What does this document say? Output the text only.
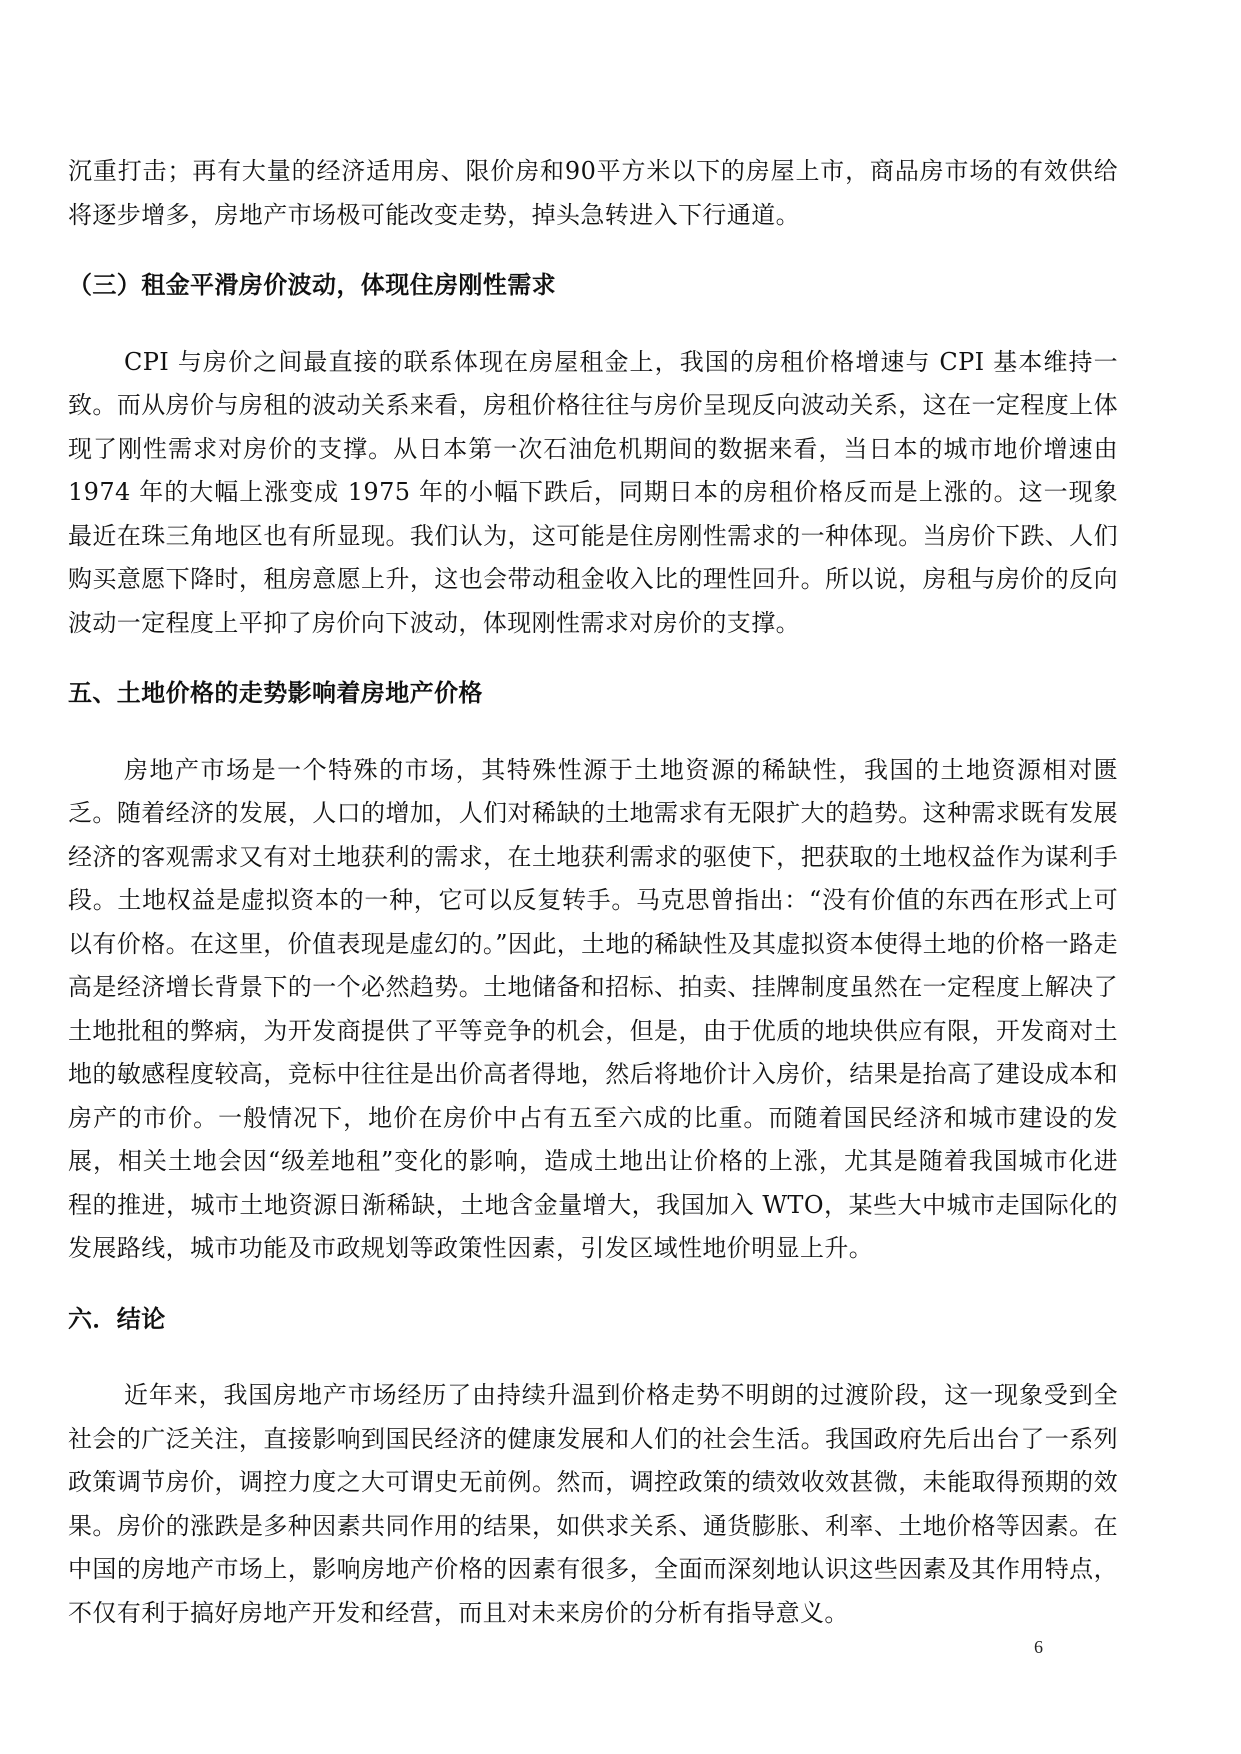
沉重打击；再有大量的经济适用房、限价房和90平方米以下的房屋上市，商品房市场的有效供给将逐步增多，房地产市场极可能改变走势，掉头急转进入下行通道。

（三）租金平滑房价波动，体现住房刚性需求

CPI 与房价之间最直接的联系体现在房屋租金上，我国的房租价格增速与 CPI 基本维持一致。而从房价与房租的波动关系来看，房租价格往往与房价呈现反向波动关系，这在一定程度上体现了刚性需求对房价的支撑。从日本第一次石油危机期间的数据来看，当日本的城市地价增速由 1974 年的大幅上涨变成 1975 年的小幅下跌后，同期日本的房租价格反而是上涨的。这一现象最近在珠三角地区也有所显现。我们认为，这可能是住房刚性需求的一种体现。当房价下跌、人们购买意愿下降时，租房意愿上升，这也会带动租金收入比的理性回升。所以说，房租与房价的反向波动一定程度上平抑了房价向下波动，体现刚性需求对房价的支撑。

五、土地价格的走势影响着房地产价格

房地产市场是一个特殊的市场，其特殊性源于土地资源的稀缺性，我国的土地资源相对匮乏。随着经济的发展，人口的增加，人们对稀缺的土地需求有无限扩大的趋势。这种需求既有发展经济的客观需求又有对土地获利的需求，在土地获利需求的驱使下，把获取的土地权益作为谋利手段。土地权益是虚拟资本的一种，它可以反复转手。马克思曾指出：“没有价值的东西在形式上可以有价格。在这里，价值表现是虚幻的。”因此，土地的稀缺性及其虚拟资本使得土地的价格一路走高是经济增长背景下的一个必然趋势。土地储备和招标、拍卖、挂牌制度虽然在一定程度上解决了土地批租的弊病，为开发商提供了平等竞争的机会，但是，由于优质的地块供应有限，开发商对土地的敏感程度较高，竞标中往往是出价高者得地，然后将地价计入房价，结果是抬高了建设成本和房产的市价。一般情况下，地价在房价中占有五至六成的比重。而随着国民经济和城市建设的发展，相关土地会因“级差地租”变化的影响，造成土地出让价格的上涨，尤其是随着我国城市化进程的推进，城市土地资源日渐稀缺，土地含金量增大，我国加入 WTO，某些大中城市走国际化的发展路线，城市功能及市政规划等政策性因素，引发区域性地价明显上升。

六．结论

近年来，我国房地产市场经历了由持续升温到价格走势不明朗的过渡阶段，这一现象受到全社会的广泛关注，直接影响到国民经济的健康发展和人们的社会生活。我国政府先后出台了一系列政策调节房价，调控力度之大可谓史无前例。然而，调控政策的绩效收效甚微，未能取得预期的效果。房价的涨跌是多种因素共同作用的结果，如供求关系、通货膨胀、利率、土地价格等因素。在中国的房地产市场上，影响房地产价格的因素有很多，全面而深刻地认识这些因素及其作用特点，不仅有利于搞好房地产开发和经营，而且对未来房价的分析有指导意义。

6
